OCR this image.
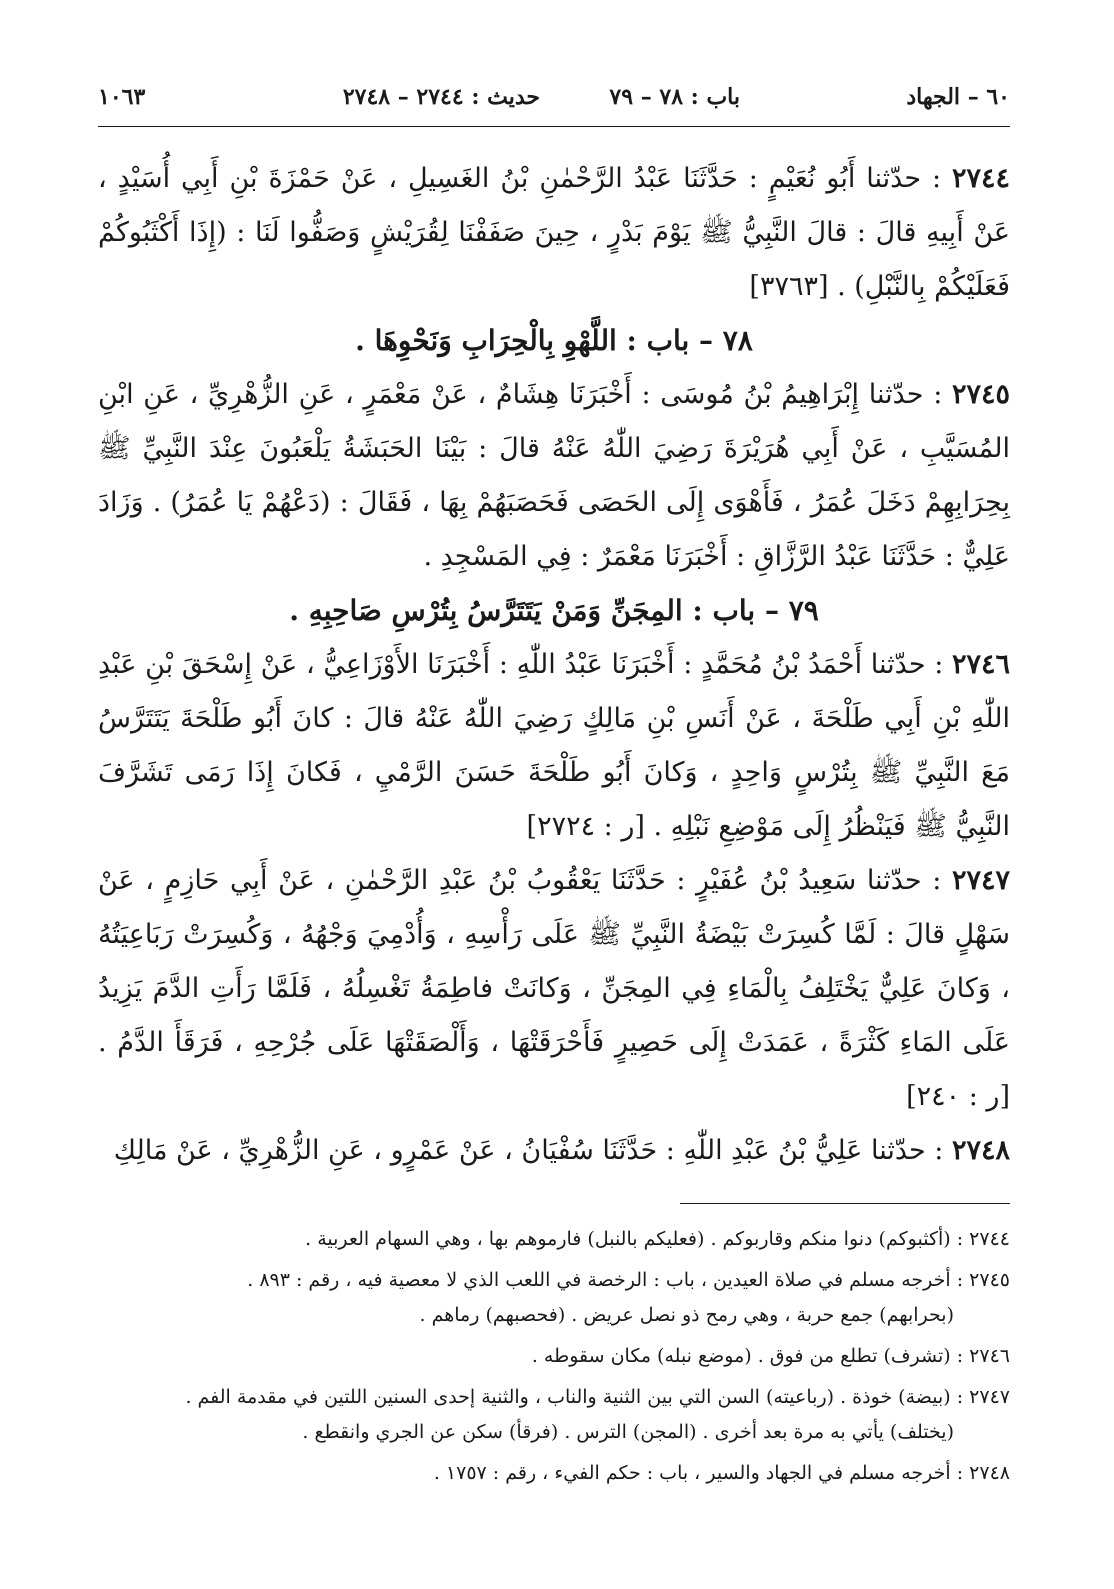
٦٠ – الجهاد
باب : ٧٨ – ٧٩
حديث : ٢٧٤٤ – ٢٧٤٨
١٠٦٣

٢٧٤٤ : حدّثنا أَبُو نُعَيْمٍ : حَدَّثَنَا عَبْدُ الرَّحْمٰنِ بْنُ الغَسِيلِ ، عَنْ حَمْزَةَ بْنِ أَبِي أُسَيْدٍ ، عَنْ أَبِيهِ قالَ : قالَ النَّبِيُّ ﷺ يَوْمَ بَدْرٍ ، حِينَ صَفَفْنَا لِقُرَيْشٍ وَصَفُّوا لَنَا : (إِذَا أَكْثَبُوكُمْ فَعَلَيْكُمْ بِالنَّبْلِ) . [٣٧٦٣]

٧٨ – باب : اللَّهْوِ بِالْحِرَابِ وَنَحْوِهَا .

٢٧٤٥ : حدّثنا إِبْرَاهِيمُ بْنُ مُوسَى : أَخْبَرَنَا هِشَامٌ ، عَنْ مَعْمَرٍ ، عَنِ الزُّهْرِيِّ ، عَنِ ابْنِ المُسَيَّبِ ، عَنْ أَبِي هُرَيْرَةَ رَضِيَ اللّٰهُ عَنْهُ قالَ : بَيْنَا الحَبَشَةُ يَلْعَبُونَ عِنْدَ النَّبِيِّ ﷺ بِحِرَابِهِمْ دَخَلَ عُمَرُ ، فَأَهْوَى إِلَى الحَصَى فَحَصَبَهُمْ بِهَا ، فَقَالَ : (دَعْهُمْ يَا عُمَرُ) . وَزَادَ عَلِيٌّ : حَدَّثَنَا عَبْدُ الرَّزَّاقِ : أَخْبَرَنَا مَعْمَرٌ : فِي المَسْجِدِ .

٧٩ – باب : المِجَنِّ وَمَنْ يَتَتَرَّسُ بِتُرْسِ صَاحِبِهِ .

٢٧٤٦ : حدّثنا أَحْمَدُ بْنُ مُحَمَّدٍ : أَخْبَرَنَا عَبْدُ اللّٰهِ : أَخْبَرَنَا الأَوْزَاعِيُّ ، عَنْ إِسْحَقَ بْنِ عَبْدِ اللّٰهِ بْنِ أَبِي طَلْحَةَ ، عَنْ أَنَسِ بْنِ مَالِكٍ رَضِيَ اللّٰهُ عَنْهُ قالَ : كانَ أَبُو طَلْحَةَ يَتَتَرَّسُ مَعَ النَّبِيِّ ﷺ بِتُرْسٍ وَاحِدٍ ، وَكانَ أَبُو طَلْحَةَ حَسَنَ الرَّمْيِ ، فَكانَ إِذَا رَمَى تَشَرَّفَ النَّبِيُّ ﷺ فَيَنْظُرُ إِلَى مَوْضِعِ نَبْلِهِ . [ر : ٢٧٢٤]

٢٧٤٧ : حدّثنا سَعِيدُ بْنُ عُفَيْرٍ : حَدَّثَنَا يَعْقُوبُ بْنُ عَبْدِ الرَّحْمٰنِ ، عَنْ أَبِي حَازِمٍ ، عَنْ سَهْلٍ قالَ : لَمَّا كُسِرَتْ بَيْضَةُ النَّبِيِّ ﷺ عَلَى رَأْسِهِ ، وَأُدْمِيَ وَجْهُهُ ، وَكُسِرَتْ رَبَاعِيَتُهُ ، وَكانَ عَلِيٌّ يَخْتَلِفُ بِالْمَاءِ فِي المِجَنِّ ، وَكانَتْ فاطِمَةُ تَغْسِلُهُ ، فَلَمَّا رَأَتِ الدَّمَ يَزِيدُ عَلَى المَاءِ كَثْرَةً ، عَمَدَتْ إِلَى حَصِيرٍ فَأَحْرَقَتْهَا ، وَأَلْصَقَتْهَا عَلَى جُرْحِهِ ، فَرَقَأَ الدَّمُ . [ر : ٢٤٠]

٢٧٤٨ : حدّثنا عَلِيُّ بْنُ عَبْدِ اللّٰهِ : حَدَّثَنَا سُفْيَانُ ، عَنْ عَمْرٍو ، عَنِ الزُّهْرِيِّ ، عَنْ مَالِكِ

٢٧٤٤ : (أكثبوكم) دنوا منكم وقاربوكم . (فعليكم بالنبل) فارموهم بها ، وهي السهام العربية .

٢٧٤٥ : أخرجه مسلم في صلاة العيدين ، باب : الرخصة في اللعب الذي لا معصية فيه ، رقم : ٨٩٣ .

(بحرابهم) جمع حربة ، وهي رمح ذو نصل عريض . (فحصبهم) رماهم .

٢٧٤٦ : (تشرف) تطلع من فوق . (موضع نبله) مكان سقوطه .

٢٧٤٧ : (بيضة) خوذة . (رباعيته) السن التي بين الثنية والناب ، والثنية إحدى السنين اللتين في مقدمة الفم .

(يختلف) يأتي به مرة بعد أخرى . (المجن) الترس . (فرقأ) سكن عن الجري وانقطع .

٢٧٤٨ : أخرجه مسلم في الجهاد والسير ، باب : حكم الفيء ، رقم : ١٧٥٧ .
